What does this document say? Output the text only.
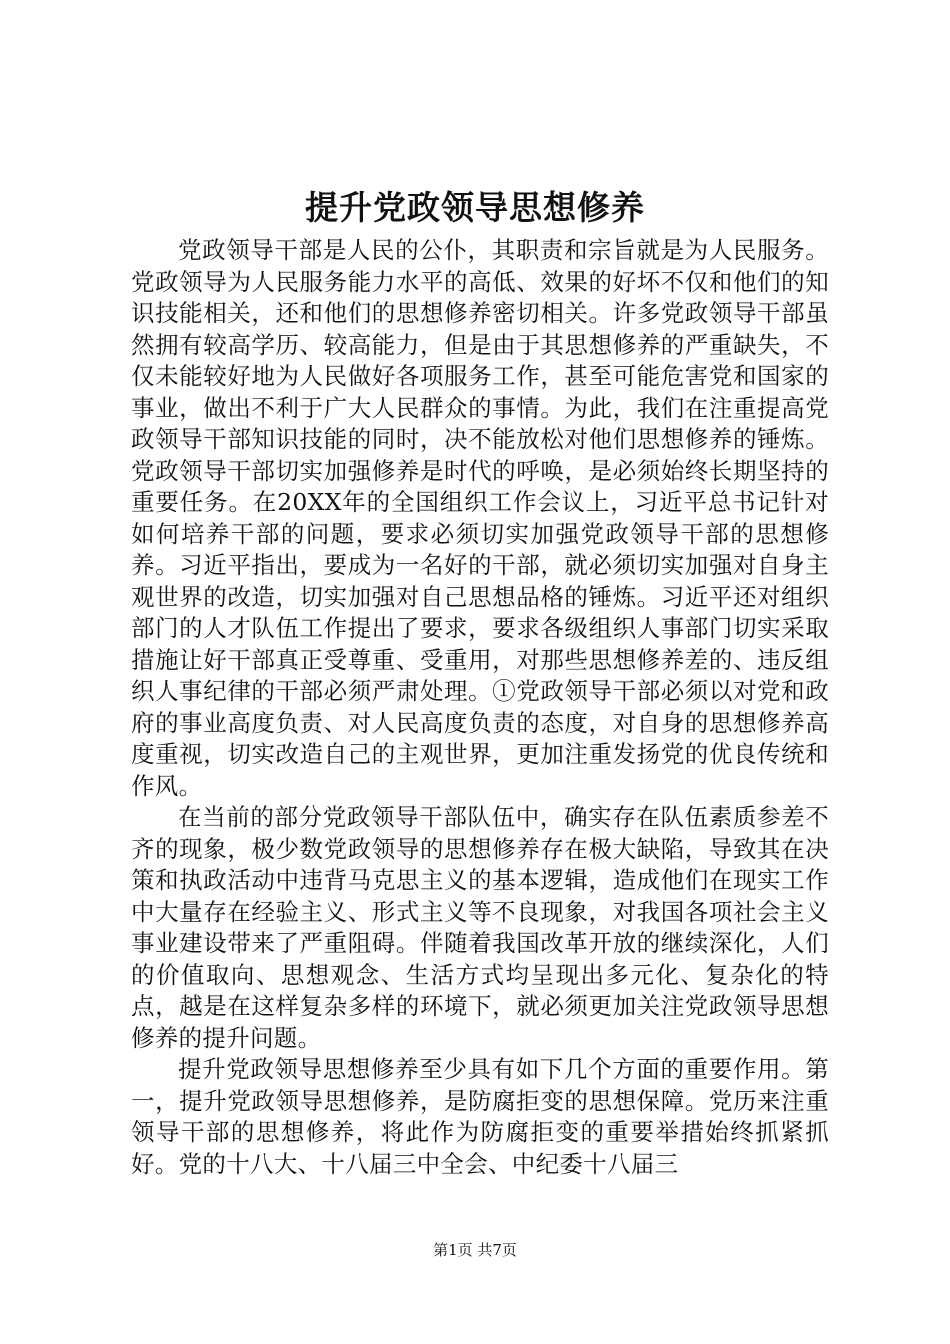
提升党政领导思想修养

党政领导干部是人民的公仆，其职责和宗旨就是为人民服务。党政领导为人民服务能力水平的高低、效果的好坏不仅和他们的知识技能相关，还和他们的思想修养密切相关。许多党政领导干部虽然拥有较高学历、较高能力，但是由于其思想修养的严重缺失，不仅未能较好地为人民做好各项服务工作，甚至可能危害党和国家的事业，做出不利于广大人民群众的事情。为此，我们在注重提高党政领导干部知识技能的同时，决不能放松对他们思想修养的锤炼。党政领导干部切实加强修养是时代的呼唤，是必须始终长期坚持的重要任务。在20XX年的全国组织工作会议上，习近平总书记针对如何培养干部的问题，要求必须切实加强党政领导干部的思想修养。习近平指出，要成为一名好的干部，就必须切实加强对自身主观世界的改造，切实加强对自己思想品格的锤炼。习近平还对组织部门的人才队伍工作提出了要求，要求各级组织人事部门切实采取措施让好干部真正受尊重、受重用，对那些思想修养差的、违反组织人事纪律的干部必须严肃处理。①党政领导干部必须以对党和政府的事业高度负责、对人民高度负责的态度，对自身的思想修养高度重视，切实改造自己的主观世界，更加注重发扬党的优良传统和作风。

在当前的部分党政领导干部队伍中，确实存在队伍素质参差不齐的现象，极少数党政领导的思想修养存在极大缺陷，导致其在决策和执政活动中违背马克思主义的基本逻辑，造成他们在现实工作中大量存在经验主义、形式主义等不良现象，对我国各项社会主义事业建设带来了严重阻碍。伴随着我国改革开放的继续深化，人们的价值取向、思想观念、生活方式均呈现出多元化、复杂化的特点，越是在这样复杂多样的环境下，就必须更加关注党政领导思想修养的提升问题。

提升党政领导思想修养至少具有如下几个方面的重要作用。第一，提升党政领导思想修养，是防腐拒变的思想保障。党历来注重领导干部的思想修养，将此作为防腐拒变的重要举措始终抓紧抓好。党的十八大、十八届三中全会、中纪委十八届三

第1页 共7页
